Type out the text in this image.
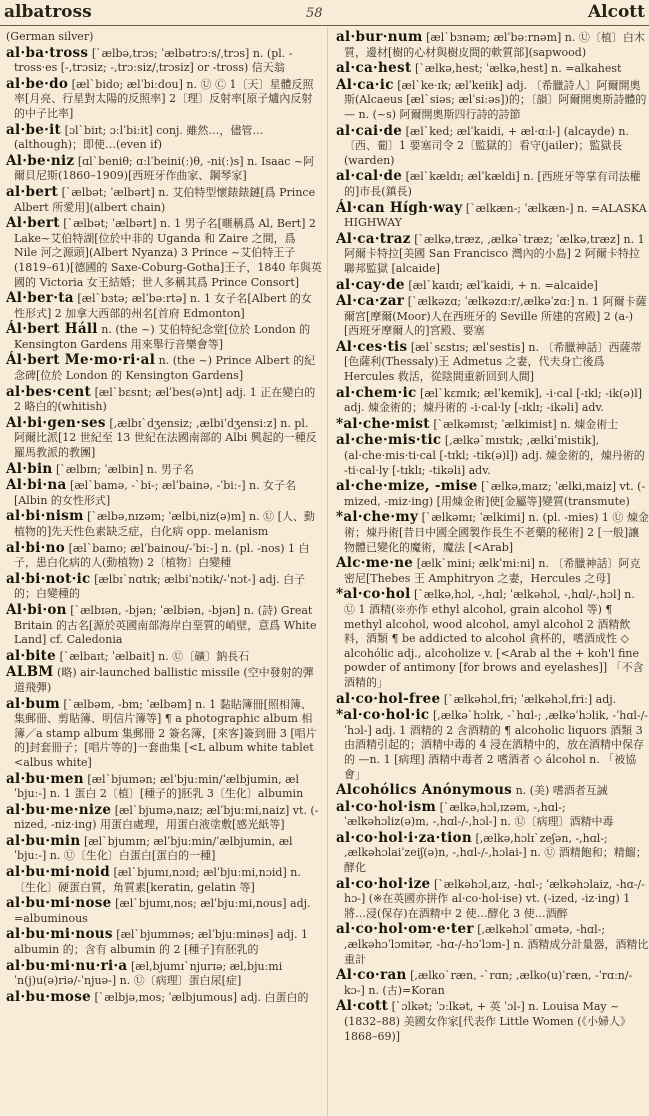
albatross	58	Alcott
(German silver)
al·ba·tross [ˋælbə,trɔs; ˈælbətrɔːs/ˌtrɔs] n. (pl. -tross·es [-,trɔsiz; -,trɔːsiz/ˌtrɔsiz] or -tross) 信天翁
al·be·do [ælˋbido; ælˈbiːdou] n. Ⓤ Ⓒ 1〔天〕星體反照率[月亮、行星對太陽的反照率] 2〔理〕反射率[原子爐內反射的中子比率]
al·be·it [ɔlˋbiɪt; ɔːlˈbiːit] conj. 雖然…，儘管…(although)；即使…(even if)
Al·be·niz [ɑlˋbeniθ; ɑːlˈbeini(ː)θ, -ni(ː)s] n. Isaac ~阿爾貝尼斯(1860–1909)[西班牙作曲家、鋼琴家]
al·bert [ˋælbət; ˈælbərt] n. 艾伯特型懷錶錶鏈[爲 Prince Albert 所愛用](albert chain)
Al·bert [ˋælbət; ˈælbərt] n. 1 男子名[暱稱爲 Al, Bert] 2 Lake~艾伯特湖[位於中非的 Uganda 和 Zaire 之間，爲 Nile 河之源頭](Albert Nyanza) 3 Prince ~艾伯特王子(1819–61)[德國的 Saxe-Coburg-Gotha]王子，1840 年與英國的 Victoria 女王結婚；世人多稱其爲 Prince Consort]
Al·ber·ta [ælˋbɜtə; ælˈbəːrtə] n. 1 女子名[Albert 的女性形式] 2 加拿大西部的州名[首府 Edmonton]
Ál·bert Háll n. (the ~) 艾伯特紀念堂[位於 London 的 Kensington Gardens 用來舉行音樂會等]
Ál·bert Me·mo·ri·al n. (the ~) Prince Albert 的紀念碑[位於 London 的 Kensington Gardens]
al·bes·cent [ælˋbɛsnt; ælˈbes(ə)nt] adj. 1 正在變白的 2 略白的(whitish)
Al·bi·gen·ses [,ælbɪˋdʒensiz; ,ælbiˈdʒensiːz] n. pl. 阿爾比派[12 世紀至 13 世紀在法國南部的 Albi 興起的一種反羅馬教派的教團]
Al·bin [ˋælbɪn; ˈælbin] n. 男子名
Al·bi·na [ælˋbamə, -ˋbi-; ælˈbainə, -ˈbiː-] n. 女子名[Albin 的女性形式]
al·bi·nism [ˋælbə,nɪzəm; ˈælbi,niz(ə)m] n. Ⓤ [人、動植物的]先天性色素缺乏症，白化病 opp. melanism
al·bi·no [ælˋbaɪno; ælˈbainou/-ˈbiː-] n. (pl. -nos) 1 白子，患白化病的人(動植物) 2〔植物〕白變種
al·bi·not·ic [ælbɪˋnɑtɪk; ælbiˈnɔtik/-ˈnɔt-] adj. 白子的；白變種的
Al·bi·on [ˋælbɪən, -bjən; ˈælbiən, -bjən] n. (詩) Great Britain 的古名[源於英國南部海岸白堊質的峭壁，意爲 White Land] cf. Caledonia
al·bite [ˋælbaɪt; ˈælbait] n. Ⓤ〔礦〕鈉長石
ALBM (略) air-launched ballistic missile (空中發射的彈道飛彈)
al·bum [ˋælbəm, -bm; ˈælbəm] n. 1 黏貼簿冊[照相簿、集郵冊、剪貼簿、明信片簿等] ¶ a photographic album 相簿／a stamp album 集郵冊 2 簽名簿，[來客]簽到冊 3 [唱片的]封套冊子；[唱片等的]一套曲集 [<L album white tablet <albus white]
al·bu·men [ælˋbjumən; ælˈbjuːmin/ˈælbjumin, ælˈbjuː-] n. 1 蛋白 2〔植〕[種子的]胚乳 3〔生化〕albumin
al·bu·me·nize [ælˋbjumə,naɪz; ælˈbjuːmi,naiz] vt. (-nized, -niz·ing) 用蛋白處理，用蛋白液塗敷[感光紙等]
al·bu·min [ælˋbjumɪn; ælˈbjuːmin/ˈælbjumin, ælˈbjuː-] n. Ⓤ〔生化〕白蛋白[蛋白的一種]
al·bu·mi·noid [ælˋbjumɪ,nɔɪd; ælˈbjuːmi,nɔid] n. 〔生化〕硬蛋白質，角質素[keratin, gelatin 等]
al·bu·mi·nose [ælˋbjumɪ,nos; ælˈbjuːmi,nous] adj. =albuminous
al·bu·mi·nous [ælˋbjumɪnəs; ælˈbjuːminəs] adj. 1 albumin 的；含有 albumin 的 2 [種子]有胚乳的
al·bu·mi·nu·ri·a [æl,bjumɪˋnjurɪə; æl,bjuːmiˈn(j)u(ə)riə/-ˈnjuə-] n. Ⓤ〔病理〕蛋白尿[症]
al·bu·mose [ˋælbjə,mos; ˈælbjumous] adj. 白蛋白的
al·bur·num [ælˋbɜnəm; ælˈbəːrnəm] n. Ⓤ〔植〕白木質，邊材[樹的心材與樹皮間的軟質部](sapwood)
al·ca·hest [ˋælkə,hest; ˈælkə,hest] n. =alkahest
Al·ca·ic [ælˋke·ɪk; ælˈkeiik] adj. 〔希臘詩人〕阿爾開奧斯(Alcaeus [ælˋsiəs; ælˈsiːəs])的；〔韻〕阿爾開奧斯詩體的 — n. (~s) 阿爾開奧斯四行詩的詩節
al·cai·de [ælˋked; ælˈkaidi, + æl·ɑːl-] (alcayde) n. 〔西、葡〕1 要塞司令 2〔監獄的〕看守(jailer)；監獄長(warden)
al·cal·de [ælˋkældɪ; ælˈkældi] n. [西班牙等掌有司法權的]市長(鎮長)
Ál·can Hígh·way [ˋælkæn-; ˈælkæn-] n. =ALASKA HIGHWAY
Al·ca·traz [ˋælkə,træz, ,ælkəˋtræz; ˈælkə,træz] n. 1 阿爾卡特拉[美國 San Francisco 灣內的小島] 2 阿爾卡特拉聯邦監獄 [alcaide]
al·cay·de [ælˋkaɪdɪ; ælˈkaidi, + n. =alcaide]
Al·ca·zar [ˋælkəzɑ; ˈælkəzɑːr/,ælkəˈzɑː] n. 1 阿爾卡薩爾宮[摩爾(Moor)人在西班牙的 Seville 所建的宮殿] 2 (a-) [西班牙摩爾人的]宮殿、要塞
Al·ces·tis [ælˋsɛstɪs; ælˈsestis] n. 〔希臘神話〕西薩蒂[色薩利(Thessaly)王 Admetus 之妻，代夫身亡後爲 Hercules 救活，從陰間重新回到人間]
al·chem·ic [ælˋkɛmɪk; ælˈkemik], -i·cal [-ɪkl; -ik(ə)l] adj. 煉金術的；煉丹術的 -i·cal·ly [-ɪklɪ; -ikəli] adv.
*al·che·mist [ˋælkəmɪst; ˈælkimist] n. 煉金術士
al·che·mis·tic [,ælkəˋmɪstɪk; ,ælkiˈmistik], (al·che·mis·ti·cal [-tɪkl; -tik(ə)l]) adj. 煉金術的，煉丹術的 -ti·cal·ly [-tɪklɪ; -tikəli] adv.
al·che·mize, -mise [ˋælkə,maɪz; ˈælki,maiz] vt. (-mized, -miz·ing) [用煉金術]使[金屬等]變質(transmute)
*al·che·my [ˋælkəmɪ; ˈælkimi] n. (pl. -mies) 1 Ⓤ 煉金術；煉丹術[昔日中國全國製作長生不老藥的秘術] 2 [一般]讓物體已變化的魔術，魔法 [<Arab]
Alc·me·ne [ælkˋmini; ælkˈmiːni] n. 〔希臘神話〕阿克密尼[Thebes 王 Amphitryon 之妻，Hercules 之母]
*al·co·hol [ˋælkə,hɔl, -,hɑl; ˈælkəhɔl, -,hɑl/-,hɔl] n. Ⓤ 1 酒精(※亦作 ethyl alcohol, grain alcohol 等) ¶ methyl alcohol, wood alcohol, amyl alcohol 2 酒精飲料，酒類 ¶ be addicted to alcohol 貪杯的，嗜酒成性 ◇ alcohólic adj., alcoholize v. [<Arab al the + koh'l fine powder of antimony [for brows and eyelashes]] 「不含酒精的」
al·co·hol-free [ˋælkəhɔl,fri; ˈælkəhɔl,friː] adj.
*al·co·hol·ic [,ælkəˋhɔlɪk, -ˋhɑl-; ,ælkəˈhɔlik, -ˈhɑl-/-ˈhɔl-] adj. 1 酒精的 2 含酒精的 ¶ alcoholic liquors 酒類 3 由酒精引起的；酒精中毒的 4 浸在酒精中的，放在酒精中保存的 —n. 1 [病理] 酒精中毒者 2 嗜酒者 ◇ álcohol n. 「被協會」
Alcohólics Anónymous n. (美) 嗜酒者互誡
al·co·hol·ism [ˋælkə,hɔl,ɪzəm, -,hɑl-; ˈælkəhɔliz(ə)m, -,hɑl-/-,hɔl-] n. Ⓤ〔病理〕酒精中毒
al·co·hol·i·za·tion [,ælkə,hɔlɪˋzeʃən, -,hɑl-; ,ælkəhɔlaiˈzeiʃ(ə)n, -,hɑl-/-,hɔlai-] n. Ⓤ 酒精飽和；精餾；酵化
al·co·hol·ize [ˋælkəhɔl,aɪz, -hɑl-; ˈælkəhɔlaiz, -hɑ-/-hɔ-] (※在英國亦拼作 al·co·hol·ise) vt. (-ized, -iz·ing) 1 將…浸(保存)在酒精中 2 使…酵化 3 使…酒醉
al·co·hol·om·e·ter [,ælkəhɔlˋɑmətə, -hɑl-; ,ælkəhɔˈlɔmitər, -hɑ-/-hɔˈlɔm-] n. 酒精成分計量器，酒精比重計
Al·co·ran [,ælkoˋræn, -ˋrɑn; ,ælko(u)ˈræn, -ˈrɑːn/-kɔ-] n. (古)=Koran
Al·cott [ˋɔlkət; ˈɔːlkət, + 英 ˈɔl-] n. Louisa May ~ (1832–88) 美國女作家[代表作 Little Women (《小婦人》1868–69)]
